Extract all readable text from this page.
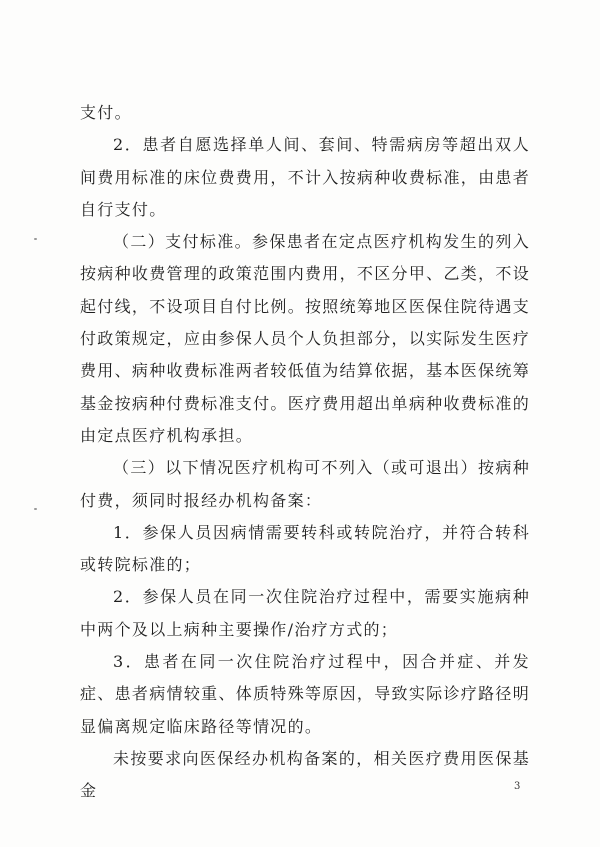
支付。

2．患者自愿选择单人间、套间、特需病房等超出双人间费用标准的床位费费用，不计入按病种收费标准，由患者自行支付。

（二）支付标准。参保患者在定点医疗机构发生的列入按病种收费管理的政策范围内费用，不区分甲、乙类，不设起付线，不设项目自付比例。按照统筹地区医保住院待遇支付政策规定，应由参保人员个人负担部分，以实际发生医疗费用、病种收费标准两者较低值为结算依据，基本医保统筹基金按病种付费标准支付。医疗费用超出单病种收费标准的由定点医疗机构承担。

（三）以下情况医疗机构可不列入（或可退出）按病种付费，须同时报经办机构备案：

1．参保人员因病情需要转科或转院治疗，并符合转科或转院标准的；

2．参保人员在同一次住院治疗过程中，需要实施病种中两个及以上病种主要操作/治疗方式的；

3．患者在同一次住院治疗过程中，因合并症、并发症、患者病情较重、体质特殊等原因，导致实际诊疗路径明显偏离规定临床路径等情况的。

未按要求向医保经办机构备案的，相关医疗费用医保基金	3
